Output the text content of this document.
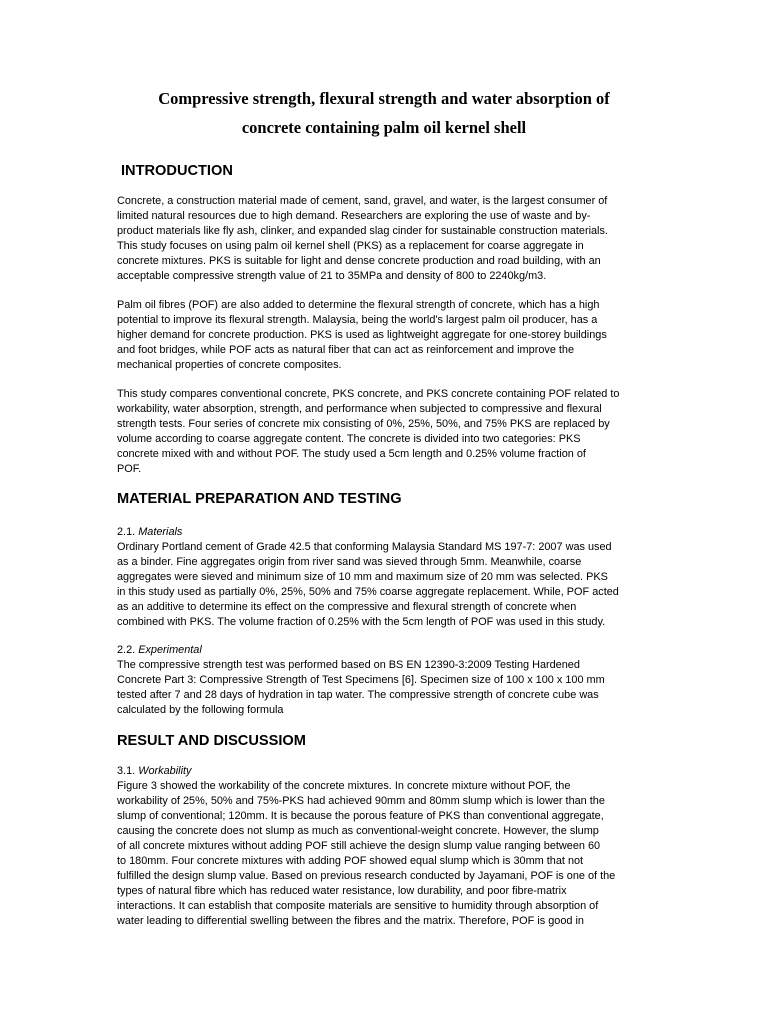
Compressive strength, flexural strength and water absorption of
concrete containing palm oil kernel shell
INTRODUCTION

Concrete, a construction material made of cement, sand, gravel, and water, is the largest consumer of
limited natural resources due to high demand. Researchers are exploring the use of waste and by-
product materials like fly ash, clinker, and expanded slag cinder for sustainable construction materials.
This study focuses on using palm oil kernel shell (PKS) as a replacement for coarse aggregate in
concrete mixtures. PKS is suitable for light and dense concrete production and road building, with an
acceptable compressive strength value of 21 to 35MPa and density of 800 to 2240kg/m3.

Palm oil fibres (POF) are also added to determine the flexural strength of concrete, which has a high
potential to improve its flexural strength. Malaysia, being the world's largest palm oil producer, has a
higher demand for concrete production. PKS is used as lightweight aggregate for one-storey buildings
and foot bridges, while POF acts as natural fiber that can act as reinforcement and improve the
mechanical properties of concrete composites.

This study compares conventional concrete, PKS concrete, and PKS concrete containing POF related to
workability, water absorption, strength, and performance when subjected to compressive and flexural
strength tests. Four series of concrete mix consisting of 0%, 25%, 50%, and 75% PKS are replaced by
volume according to coarse aggregate content. The concrete is divided into two categories: PKS
concrete mixed with and without POF. The study used a 5cm length and 0.25% volume fraction of
POF.

MATERIAL PREPARATION AND TESTING

2.1. Materials

Ordinary Portland cement of Grade 42.5 that conforming Malaysia Standard MS 197-7: 2007 was used
as a binder. Fine aggregates origin from river sand was sieved through 5mm. Meanwhile, coarse
aggregates were sieved and minimum size of 10 mm and maximum size of 20 mm was selected. PKS
in this study used as partially 0%, 25%, 50% and 75% coarse aggregate replacement. While, POF acted
as an additive to determine its effect on the compressive and flexural strength of concrete when
combined with PKS. The volume fraction of 0.25% with the 5cm length of POF was used in this study.

2.2. Experimental

The compressive strength test was performed based on BS EN 12390-3:2009 Testing Hardened
Concrete Part 3: Compressive Strength of Test Specimens [6]. Specimen size of 100 x 100 x 100 mm
tested after 7 and 28 days of hydration in tap water. The compressive strength of concrete cube was
calculated by the following formula

RESULT AND DISCUSSIOM

3.1. Workability

Figure 3 showed the workability of the concrete mixtures. In concrete mixture without POF, the
workability of 25%, 50% and 75%-PKS had achieved 90mm and 80mm slump which is lower than the
slump of conventional; 120mm. It is because the porous feature of PKS than conventional aggregate,
causing the concrete does not slump as much as conventional-weight concrete. However, the slump
of all concrete mixtures without adding POF still achieve the design slump value ranging between 60
to 180mm. Four concrete mixtures with adding POF showed equal slump which is 30mm that not
fulfilled the design slump value. Based on previous research conducted by Jayamani, POF is one of the
types of natural fibre which has reduced water resistance, low durability, and poor fibre-matrix
interactions. It can establish that composite materials are sensitive to humidity through absorption of
water leading to differential swelling between the fibres and the matrix. Therefore, POF is good in
